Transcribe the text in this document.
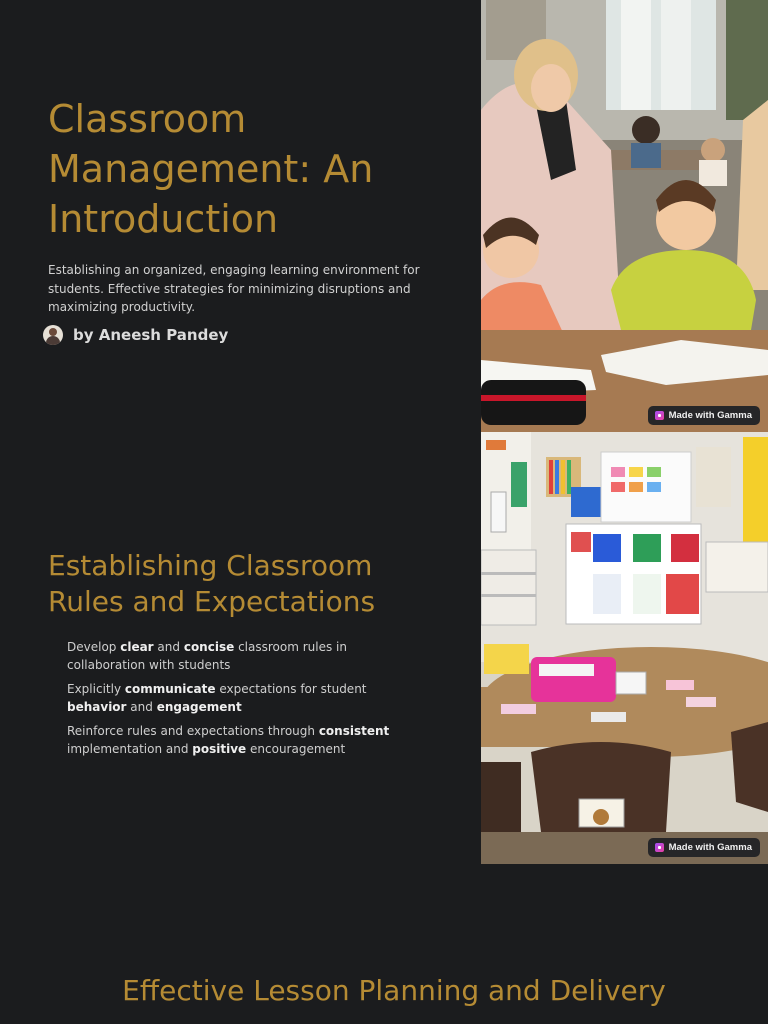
Classroom Management: An Introduction

Establishing an organized, engaging learning environment for students. Effective strategies for minimizing disruptions and maximizing productivity.

by Aneesh Pandey
Made with Gamma
Establishing Classroom Rules and Expectations
Develop clear and concise classroom rules in collaboration with students
Explicitly communicate expectations for student behavior and engagement
Reinforce rules and expectations through consistent implementation and positive encouragement
Made with Gamma
Effective Lesson Planning and Delivery
